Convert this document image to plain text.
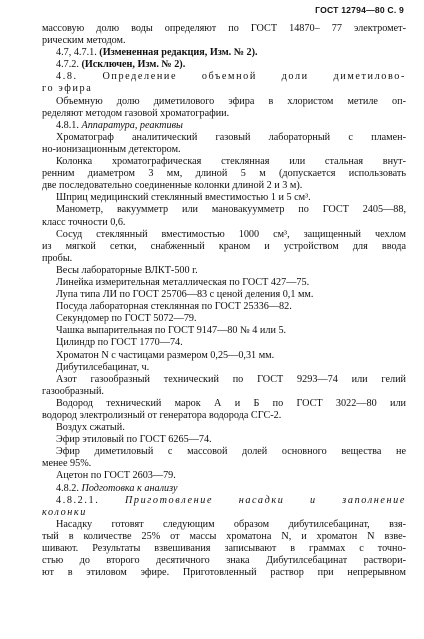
ГОСТ 12794—80 С. 9
массовую долю воды определяют по ГОСТ 14870– 77 электромет-
рическим методом.
4.7, 4.7.1. (Измененная редакция, Изм. № 2).
4.7.2. (Исключен, Изм. № 2).
4.8. Определение объемной доли диметилово-
го эфира
Объемную долю диметилового эфира в хлористом метиле оп-
ределяют методом газовой хроматографии.
4.8.1. Аппаратура, реактивы
Хроматограф аналитический газовый лабораторный с пламен-
но-ионизационным детектором.
Колонка хроматографическая стеклянная или стальная внут-
ренним диаметром 3 мм, длиной 5 м (допускается использовать
две последовательно соединенные колонки длиной 2 и 3 м).
Шприц медицинский стеклянный вместимостью 1 и 5 см³.
Манометр, вакуумметр или мановакуумметр по ГОСТ 2405—88,
класс точности 0,6.
Сосуд стеклянный вместимостью 1000 см³, защищенный чехлом
из мягкой сетки, снабженный краном и устройством для ввода
пробы.
Весы лабораторные ВЛКТ-500 г.
Линейка измерительная металлическая по ГОСТ 427—75.
Лупа типа ЛИ по ГОСТ 25706—83 с ценой деления 0,1 мм.
Посуда лабораторная стеклянная по ГОСТ 25336—82.
Секундомер по ГОСТ 5072—79.
Чашка выпарительная по ГОСТ 9147—80 № 4 или 5.
Цилиндр по ГОСТ 1770—74.
Хроматон N с частицами размером 0,25—0,31 мм.
Дибутилсебацинат, ч.
Азот газообразный технический по ГОСТ 9293—74 или гелий
газообразный.
Водород технический марок А и Б по ГОСТ 3022—80 или
водород электролизный от генератора водорода СГС-2.
Воздух сжатый.
Эфир этиловый по ГОСТ 6265—74.
Эфир диметиловый с массовой долей основного вещества не
менее 95%.
Ацетон по ГОСТ 2603—79.
4.8.2. Подготовка к анализу
4.8.2.1. Приготовление насадки и заполнение
колонки
Насадку готовят следующим образом дибутилсебацинат, взя-
тый в количестве 25% от массы хроматона N, и хроматон N взве-
шивают. Результаты взвешивания записывают в граммах с точно-
стью до второго десятичного знака Дибутилсебацинат раствори-
ют в этиловом эфире. Приготовленный раствор при непрерывном
